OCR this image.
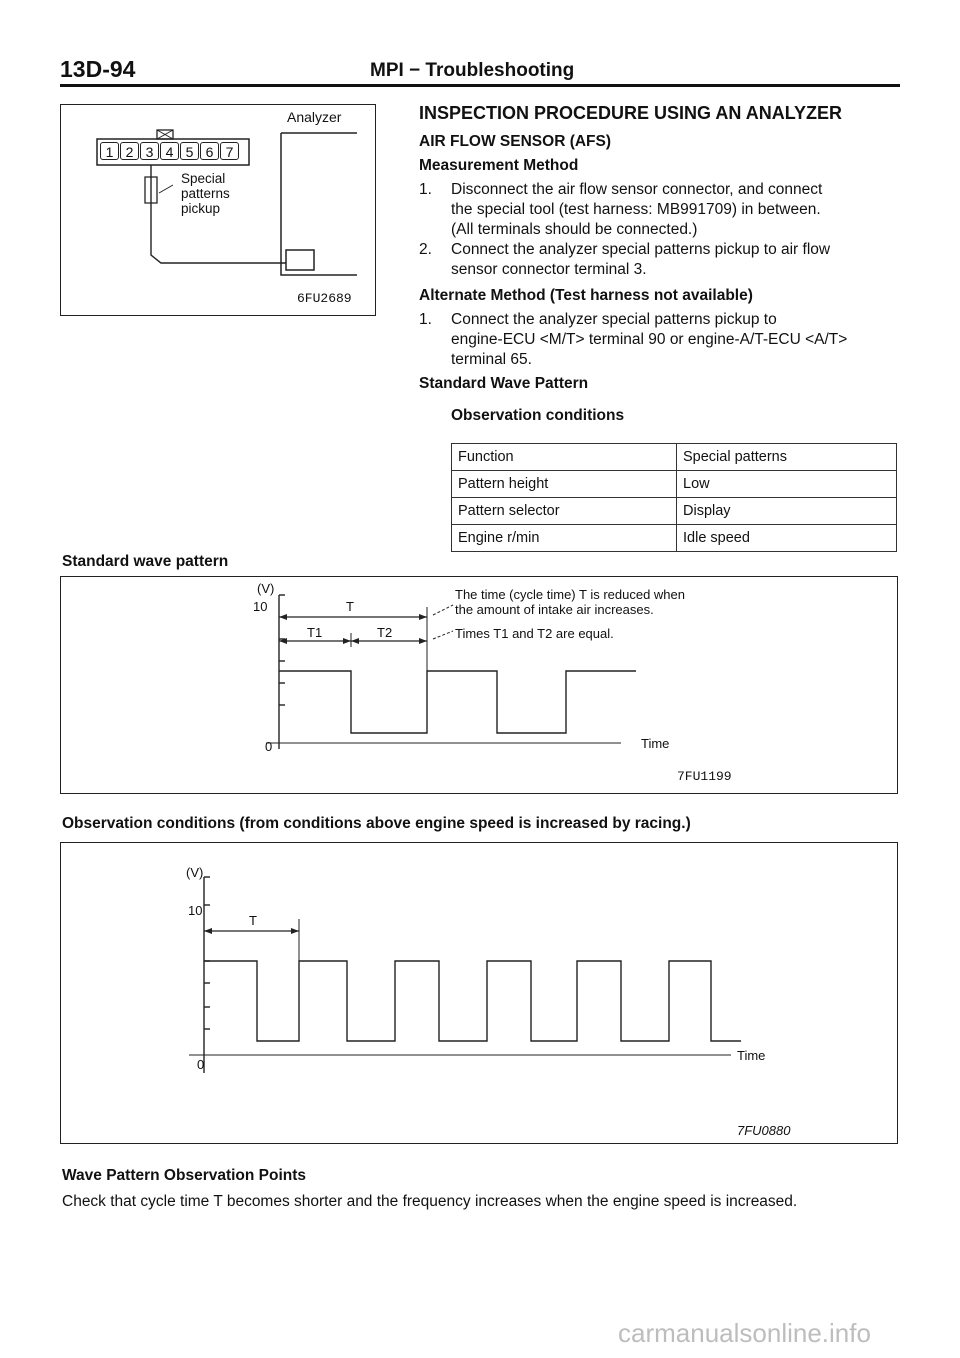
13D-94	MPI − Troubleshooting
Analyzer
1 2 3 4 5 6 7
Special
patterns
pickup
6FU2689
INSPECTION PROCEDURE USING AN ANALYZER
AIR FLOW SENSOR (AFS)
Measurement Method
1. Disconnect the air flow sensor connector, and connect
the special tool (test harness: MB991709) in between.
(All terminals should be connected.)
2. Connect the analyzer special patterns pickup to air flow
sensor connector terminal 3.
Alternate Method (Test harness not available)
1. Connect the analyzer special patterns pickup to
engine-ECU <M/T> terminal 90 or engine-A/T-ECU <A/T>
terminal 65.
Standard Wave Pattern
Observation conditions
Function	Special patterns
Pattern height	Low
Pattern selector	Display
Engine r/min	Idle speed
Standard wave pattern
(V)
10
0
T
T1	T2
The time (cycle time) T is reduced when
the amount of intake air increases.
Times T1 and T2 are equal.
Time
7FU1199
Observation conditions (from conditions above engine speed is increased by racing.)
(V)
10
0
T
Time
7FU0880
Wave Pattern Observation Points
Check that cycle time T becomes shorter and the frequency increases when the engine speed is increased.
carmanualsonline.info
